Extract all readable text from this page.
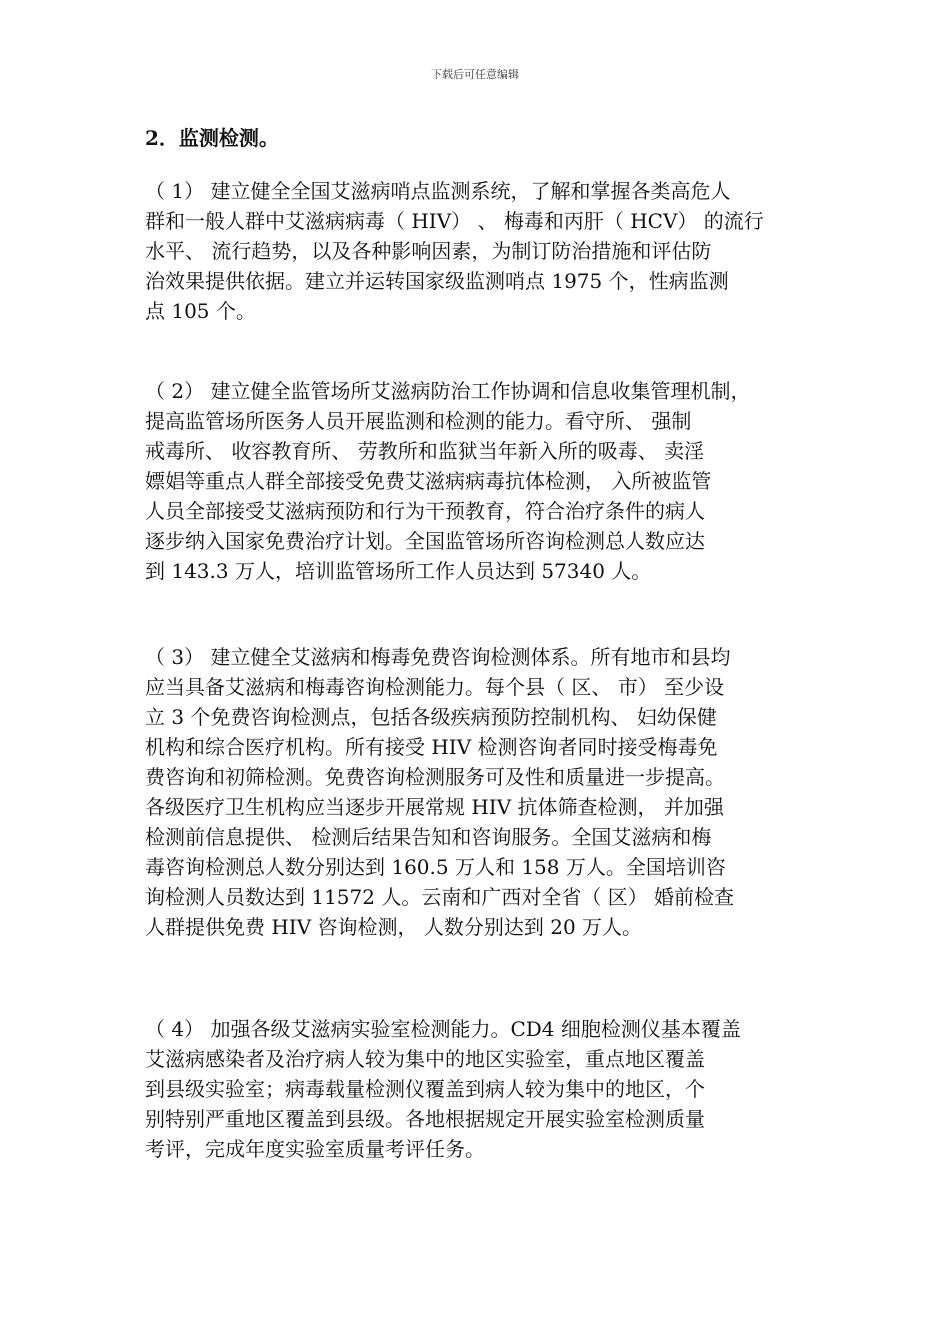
下载后可任意编辑
2．监测检测。

（ 1） 建立健全全国艾滋病哨点监测系统，了解和掌握各类高危人
群和一般人群中艾滋病病毒（ HIV） 、 梅毒和丙肝（ HCV） 的流行
水平、 流行趋势，以及各种影响因素，为制订防治措施和评估防
治效果提供依据。建立并运转国家级监测哨点 1975 个，性病监测
点 105 个。

（ 2） 建立健全监管场所艾滋病防治工作协调和信息收集管理机制，
提高监管场所医务人员开展监测和检测的能力。看守所、 强制
戒毒所、 收容教育所、 劳教所和监狱当年新入所的吸毒、 卖淫
嫖娼等重点人群全部接受免费艾滋病病毒抗体检测， 入所被监管
人员全部接受艾滋病预防和行为干预教育，符合治疗条件的病人
逐步纳入国家免费治疗计划。全国监管场所咨询检测总人数应达
到 143.3 万人，培训监管场所工作人员达到 57340 人。

（ 3） 建立健全艾滋病和梅毒免费咨询检测体系。所有地市和县均
应当具备艾滋病和梅毒咨询检测能力。每个县（ 区、 市） 至少设
立 3 个免费咨询检测点，包括各级疾病预防控制机构、 妇幼保健
机构和综合医疗机构。所有接受 HIV 检测咨询者同时接受梅毒免
费咨询和初筛检测。免费咨询检测服务可及性和质量进一步提高。
各级医疗卫生机构应当逐步开展常规 HIV 抗体筛查检测， 并加强
检测前信息提供、 检测后结果告知和咨询服务。全国艾滋病和梅
毒咨询检测总人数分别达到 160.5 万人和 158 万人。全国培训咨
询检测人员数达到 11572 人。云南和广西对全省（ 区） 婚前检查
人群提供免费 HIV 咨询检测， 人数分别达到 20 万人。

（ 4） 加强各级艾滋病实验室检测能力。CD4 细胞检测仪基本覆盖
艾滋病感染者及治疗病人较为集中的地区实验室，重点地区覆盖
到县级实验室；病毒载量检测仪覆盖到病人较为集中的地区，个
别特别严重地区覆盖到县级。各地根据规定开展实验室检测质量
考评，完成年度实验室质量考评任务。
